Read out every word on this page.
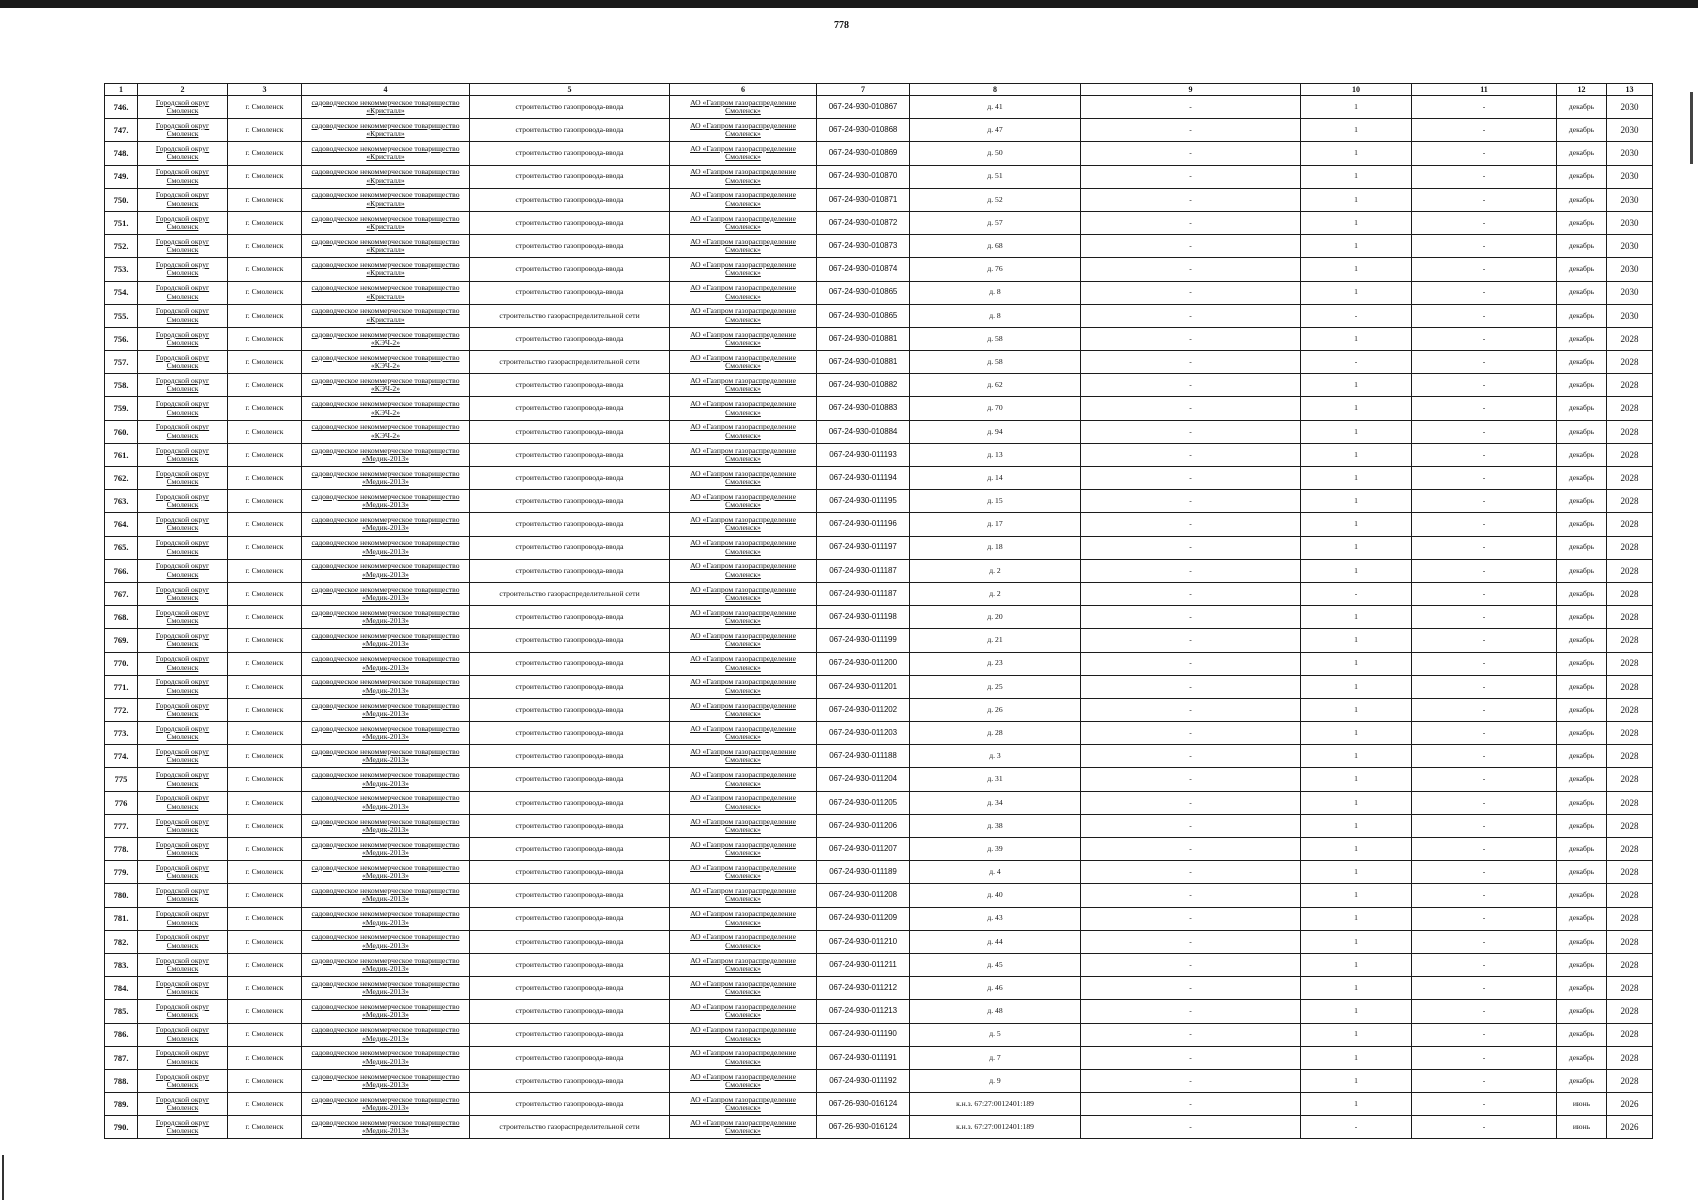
778
1	2	3	4	5	6	7	8	9	10	11	12	13
746.	Городской округ Смоленск	г. Смоленск	садоводческое некоммерческое товарищество «Кристалл»	строительство газопровода-ввода	АО «Газпром газораспределение Смоленск»	067-24-930-010867	д. 41	-	1	-	декабрь	2030
747.	Городской округ Смоленск	г. Смоленск	садоводческое некоммерческое товарищество «Кристалл»	строительство газопровода-ввода	АО «Газпром газораспределение Смоленск»	067-24-930-010868	д. 47	-	1	-	декабрь	2030
748.	Городской округ Смоленск	г. Смоленск	садоводческое некоммерческое товарищество «Кристалл»	строительство газопровода-ввода	АО «Газпром газораспределение Смоленск»	067-24-930-010869	д. 50	-	1	-	декабрь	2030
749.	Городской округ Смоленск	г. Смоленск	садоводческое некоммерческое товарищество «Кристалл»	строительство газопровода-ввода	АО «Газпром газораспределение Смоленск»	067-24-930-010870	д. 51	-	1	-	декабрь	2030
750.	Городской округ Смоленск	г. Смоленск	садоводческое некоммерческое товарищество «Кристалл»	строительство газопровода-ввода	АО «Газпром газораспределение Смоленск»	067-24-930-010871	д. 52	-	1	-	декабрь	2030
751.	Городской округ Смоленск	г. Смоленск	садоводческое некоммерческое товарищество «Кристалл»	строительство газопровода-ввода	АО «Газпром газораспределение Смоленск»	067-24-930-010872	д. 57	-	1	-	декабрь	2030
752.	Городской округ Смоленск	г. Смоленск	садоводческое некоммерческое товарищество «Кристалл»	строительство газопровода-ввода	АО «Газпром газораспределение Смоленск»	067-24-930-010873	д. 68	-	1	-	декабрь	2030
753.	Городской округ Смоленск	г. Смоленск	садоводческое некоммерческое товарищество «Кристалл»	строительство газопровода-ввода	АО «Газпром газораспределение Смоленск»	067-24-930-010874	д. 76	-	1	-	декабрь	2030
754.	Городской округ Смоленск	г. Смоленск	садоводческое некоммерческое товарищество «Кристалл»	строительство газопровода-ввода	АО «Газпром газораспределение Смоленск»	067-24-930-010865	д. 8	-	1	-	декабрь	2030
755.	Городской округ Смоленск	г. Смоленск	садоводческое некоммерческое товарищество «Кристалл»	строительство газораспределительной сети	АО «Газпром газораспределение Смоленск»	067-24-930-010865	д. 8	-	-	-	декабрь	2030
756.	Городской округ Смоленск	г. Смоленск	садоводческое некоммерческое товарищество «КЭЧ-2»	строительство газопровода-ввода	АО «Газпром газораспределение Смоленск»	067-24-930-010881	д. 58	-	1	-	декабрь	2028
757.	Городской округ Смоленск	г. Смоленск	садоводческое некоммерческое товарищество «КЭЧ-2»	строительство газораспределительной сети	АО «Газпром газораспределение Смоленск»	067-24-930-010881	д. 58	-	-	-	декабрь	2028
758.	Городской округ Смоленск	г. Смоленск	садоводческое некоммерческое товарищество «КЭЧ-2»	строительство газопровода-ввода	АО «Газпром газораспределение Смоленск»	067-24-930-010882	д. 62	-	1	-	декабрь	2028
759.	Городской округ Смоленск	г. Смоленск	садоводческое некоммерческое товарищество «КЭЧ-2»	строительство газопровода-ввода	АО «Газпром газораспределение Смоленск»	067-24-930-010883	д. 70	-	1	-	декабрь	2028
760.	Городской округ Смоленск	г. Смоленск	садоводческое некоммерческое товарищество «КЭЧ-2»	строительство газопровода-ввода	АО «Газпром газораспределение Смоленск»	067-24-930-010884	д. 94	-	1	-	декабрь	2028
761.	Городской округ Смоленск	г. Смоленск	садоводческое некоммерческое товарищество «Медик-2013»	строительство газопровода-ввода	АО «Газпром газораспределение Смоленск»	067-24-930-011193	д. 13	-	1	-	декабрь	2028
762.	Городской округ Смоленск	г. Смоленск	садоводческое некоммерческое товарищество «Медик-2013»	строительство газопровода-ввода	АО «Газпром газораспределение Смоленск»	067-24-930-011194	д. 14	-	1	-	декабрь	2028
763.	Городской округ Смоленск	г. Смоленск	садоводческое некоммерческое товарищество «Медик-2013»	строительство газопровода-ввода	АО «Газпром газораспределение Смоленск»	067-24-930-011195	д. 15	-	1	-	декабрь	2028
764.	Городской округ Смоленск	г. Смоленск	садоводческое некоммерческое товарищество «Медик-2013»	строительство газопровода-ввода	АО «Газпром газораспределение Смоленск»	067-24-930-011196	д. 17	-	1	-	декабрь	2028
765.	Городской округ Смоленск	г. Смоленск	садоводческое некоммерческое товарищество «Медик-2013»	строительство газопровода-ввода	АО «Газпром газораспределение Смоленск»	067-24-930-011197	д. 18	-	1	-	декабрь	2028
766.	Городской округ Смоленск	г. Смоленск	садоводческое некоммерческое товарищество «Медик-2013»	строительство газопровода-ввода	АО «Газпром газораспределение Смоленск»	067-24-930-011187	д. 2	-	1	-	декабрь	2028
767.	Городской округ Смоленск	г. Смоленск	садоводческое некоммерческое товарищество «Медик-2013»	строительство газораспределительной сети	АО «Газпром газораспределение Смоленск»	067-24-930-011187	д. 2	-	-	-	декабрь	2028
768.	Городской округ Смоленск	г. Смоленск	садоводческое некоммерческое товарищество «Медик-2013»	строительство газопровода-ввода	АО «Газпром газораспределение Смоленск»	067-24-930-011198	д. 20	-	1	-	декабрь	2028
769.	Городской округ Смоленск	г. Смоленск	садоводческое некоммерческое товарищество «Медик-2013»	строительство газопровода-ввода	АО «Газпром газораспределение Смоленск»	067-24-930-011199	д. 21	-	1	-	декабрь	2028
770.	Городской округ Смоленск	г. Смоленск	садоводческое некоммерческое товарищество «Медик-2013»	строительство газопровода-ввода	АО «Газпром газораспределение Смоленск»	067-24-930-011200	д. 23	-	1	-	декабрь	2028
771.	Городской округ Смоленск	г. Смоленск	садоводческое некоммерческое товарищество «Медик-2013»	строительство газопровода-ввода	АО «Газпром газораспределение Смоленск»	067-24-930-011201	д. 25	-	1	-	декабрь	2028
772.	Городской округ Смоленск	г. Смоленск	садоводческое некоммерческое товарищество «Медик-2013»	строительство газопровода-ввода	АО «Газпром газораспределение Смоленск»	067-24-930-011202	д. 26	-	1	-	декабрь	2028
773.	Городской округ Смоленск	г. Смоленск	садоводческое некоммерческое товарищество «Медик-2013»	строительство газопровода-ввода	АО «Газпром газораспределение Смоленск»	067-24-930-011203	д. 28	-	1	-	декабрь	2028
774.	Городской округ Смоленск	г. Смоленск	садоводческое некоммерческое товарищество «Медик-2013»	строительство газопровода-ввода	АО «Газпром газораспределение Смоленск»	067-24-930-011188	д. 3	-	1	-	декабрь	2028
775	Городской округ Смоленск	г. Смоленск	садоводческое некоммерческое товарищество «Медик-2013»	строительство газопровода-ввода	АО «Газпром газораспределение Смоленск»	067-24-930-011204	д. 31	-	1	-	декабрь	2028
776	Городской округ Смоленск	г. Смоленск	садоводческое некоммерческое товарищество «Медик-2013»	строительство газопровода-ввода	АО «Газпром газораспределение Смоленск»	067-24-930-011205	д. 34	-	1	-	декабрь	2028
777.	Городской округ Смоленск	г. Смоленск	садоводческое некоммерческое товарищество «Медик-2013»	строительство газопровода-ввода	АО «Газпром газораспределение Смоленск»	067-24-930-011206	д. 38	-	1	-	декабрь	2028
778.	Городской округ Смоленск	г. Смоленск	садоводческое некоммерческое товарищество «Медик-2013»	строительство газопровода-ввода	АО «Газпром газораспределение Смоленск»	067-24-930-011207	д. 39	-	1	-	декабрь	2028
779.	Городской округ Смоленск	г. Смоленск	садоводческое некоммерческое товарищество «Медик-2013»	строительство газопровода-ввода	АО «Газпром газораспределение Смоленск»	067-24-930-011189	д. 4	-	1	-	декабрь	2028
780.	Городской округ Смоленск	г. Смоленск	садоводческое некоммерческое товарищество «Медик-2013»	строительство газопровода-ввода	АО «Газпром газораспределение Смоленск»	067-24-930-011208	д. 40	-	1	-	декабрь	2028
781.	Городской округ Смоленск	г. Смоленск	садоводческое некоммерческое товарищество «Медик-2013»	строительство газопровода-ввода	АО «Газпром газораспределение Смоленск»	067-24-930-011209	д. 43	-	1	-	декабрь	2028
782.	Городской округ Смоленск	г. Смоленск	садоводческое некоммерческое товарищество «Медик-2013»	строительство газопровода-ввода	АО «Газпром газораспределение Смоленск»	067-24-930-011210	д. 44	-	1	-	декабрь	2028
783.	Городской округ Смоленск	г. Смоленск	садоводческое некоммерческое товарищество «Медик-2013»	строительство газопровода-ввода	АО «Газпром газораспределение Смоленск»	067-24-930-011211	д. 45	-	1	-	декабрь	2028
784.	Городской округ Смоленск	г. Смоленск	садоводческое некоммерческое товарищество «Медик-2013»	строительство газопровода-ввода	АО «Газпром газораспределение Смоленск»	067-24-930-011212	д. 46	-	1	-	декабрь	2028
785.	Городской округ Смоленск	г. Смоленск	садоводческое некоммерческое товарищество «Медик-2013»	строительство газопровода-ввода	АО «Газпром газораспределение Смоленск»	067-24-930-011213	д. 48	-	1	-	декабрь	2028
786.	Городской округ Смоленск	г. Смоленск	садоводческое некоммерческое товарищество «Медик-2013»	строительство газопровода-ввода	АО «Газпром газораспределение Смоленск»	067-24-930-011190	д. 5	-	1	-	декабрь	2028
787.	Городской округ Смоленск	г. Смоленск	садоводческое некоммерческое товарищество «Медик-2013»	строительство газопровода-ввода	АО «Газпром газораспределение Смоленск»	067-24-930-011191	д. 7	-	1	-	декабрь	2028
788.	Городской округ Смоленск	г. Смоленск	садоводческое некоммерческое товарищество «Медик-2013»	строительство газопровода-ввода	АО «Газпром газораспределение Смоленск»	067-24-930-011192	д. 9	-	1	-	декабрь	2028
789.	Городской округ Смоленск	г. Смоленск	садоводческое некоммерческое товарищество «Медик-2013»	строительство газопровода-ввода	АО «Газпром газораспределение Смоленск»	067-26-930-016124	к.н.з. 67:27:0012401:189	-	1	-	июнь	2026
790.	Городской округ Смоленск	г. Смоленск	садоводческое некоммерческое товарищество «Медик-2013»	строительство газораспределительной сети	АО «Газпром газораспределение Смоленск»	067-26-930-016124	к.н.з. 67:27:0012401:189	-	-	-	июнь	2026
